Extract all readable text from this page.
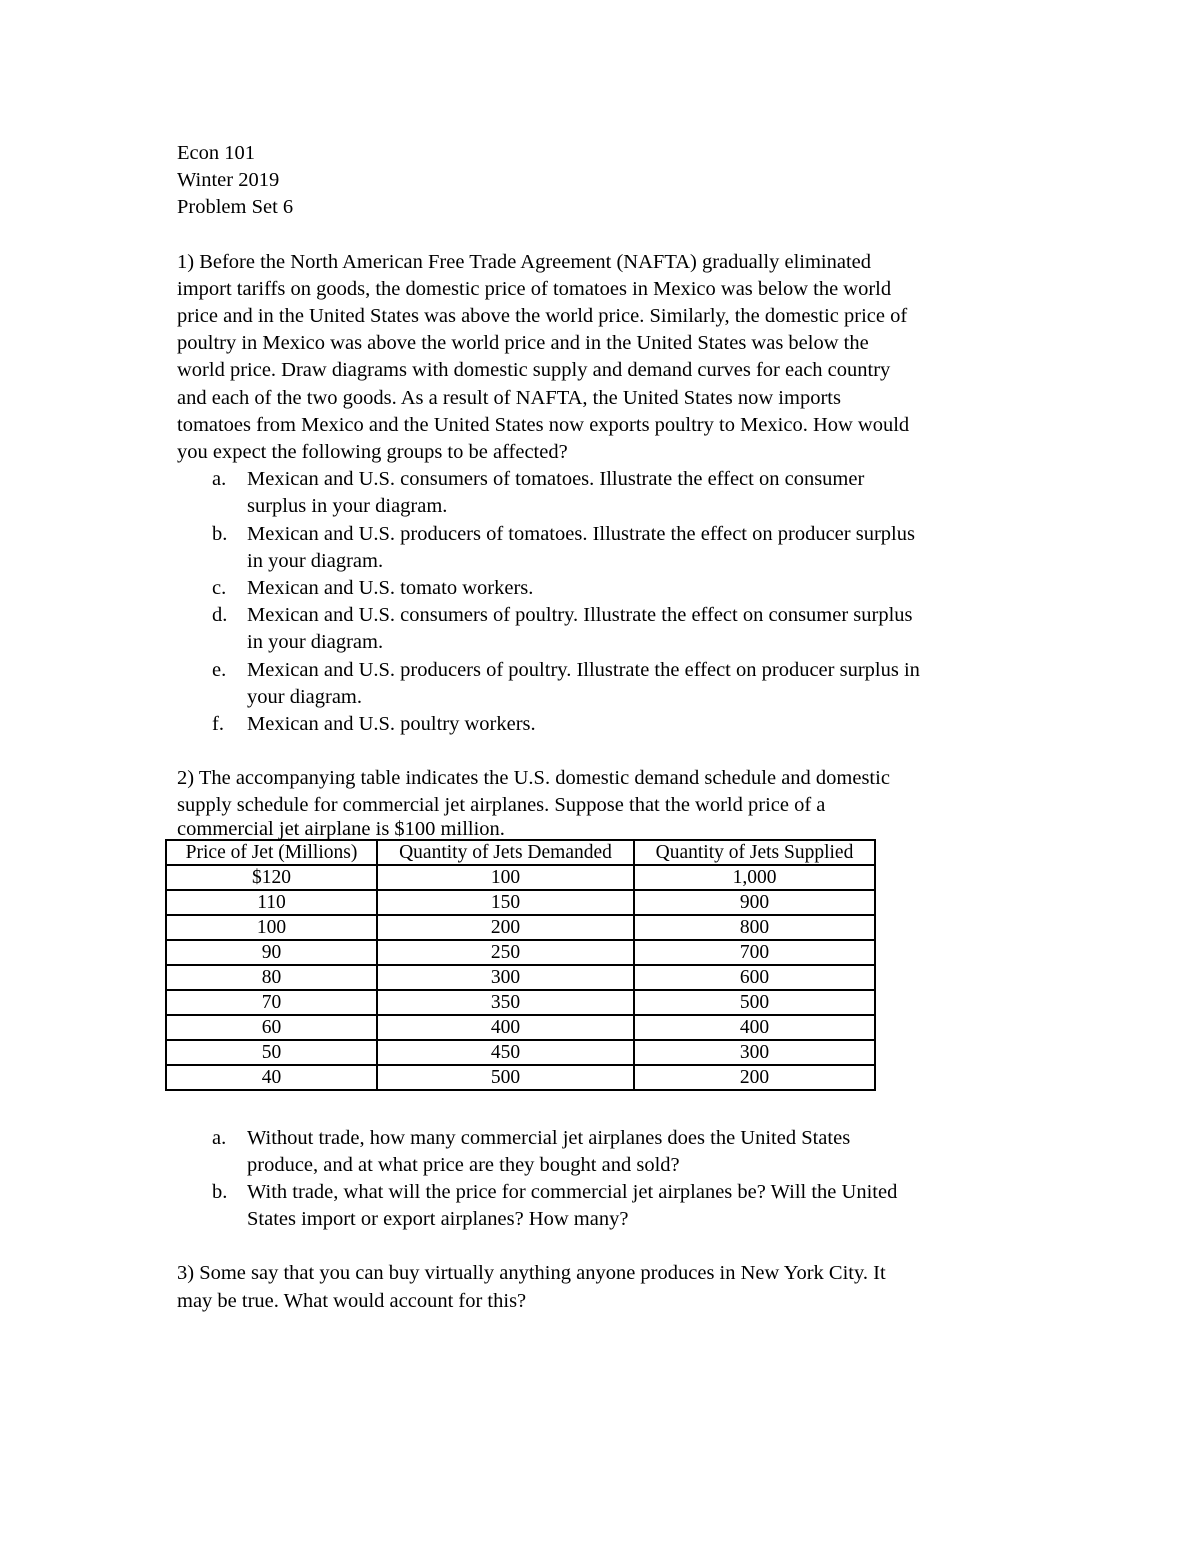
Econ 101
Winter 2019
Problem Set 6
1) Before the North American Free Trade Agreement (NAFTA) gradually eliminated
import tariffs on goods, the domestic price of tomatoes in Mexico was below the world
price and in the United States was above the world price. Similarly, the domestic price of
poultry in Mexico was above the world price and in the United States was below the
world price. Draw diagrams with domestic supply and demand curves for each country
and each of the two goods. As a result of NAFTA, the United States now imports
tomatoes from Mexico and the United States now exports poultry to Mexico. How would
you expect the following groups to be affected?
a. Mexican and U.S. consumers of tomatoes. Illustrate the effect on consumer
surplus in your diagram.
b. Mexican and U.S. producers of tomatoes. Illustrate the effect on producer surplus
in your diagram.
c. Mexican and U.S. tomato workers.
d. Mexican and U.S. consumers of poultry. Illustrate the effect on consumer surplus
in your diagram.
e. Mexican and U.S. producers of poultry. Illustrate the effect on producer surplus in
your diagram.
f. Mexican and U.S. poultry workers.
2) The accompanying table indicates the U.S. domestic demand schedule and domestic
supply schedule for commercial jet airplanes. Suppose that the world price of a
commercial jet airplane is $100 million.
Price of Jet (Millions)	Quantity of Jets Demanded	Quantity of Jets Supplied
$120	100	1,000
110	150	900
100	200	800
90	250	700
80	300	600
70	350	500
60	400	400
50	450	300
40	500	200
a. Without trade, how many commercial jet airplanes does the United States
produce, and at what price are they bought and sold?
b. With trade, what will the price for commercial jet airplanes be? Will the United
States import or export airplanes? How many?
3) Some say that you can buy virtually anything anyone produces in New York City. It
may be true. What would account for this?
